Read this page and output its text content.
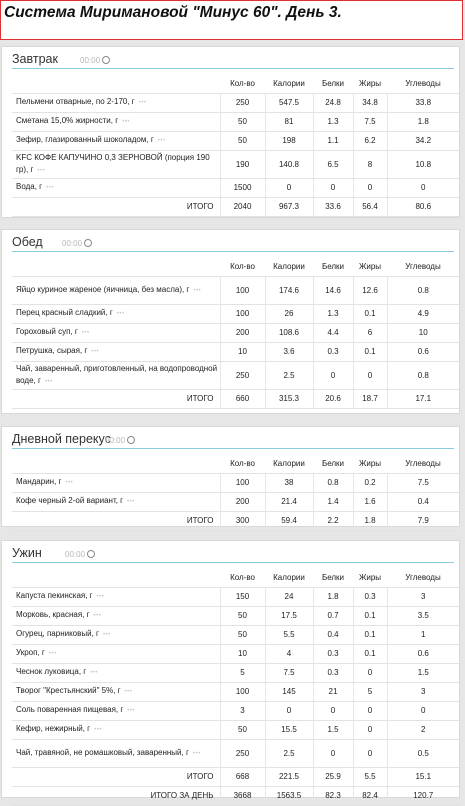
Система Миримановой "Минус 60". День 3.
Завтрак	00:00
	Кол-во	Калории	Белки	Жиры	Углеводы
Пельмени отварные, по 2-170, г •••	250	547.5	24.8	34.8	33.8
Сметана 15,0% жирности, г •••	50	81	1.3	7.5	1.8
Зефир, глазированный шоколадом, г •••	50	198	1.1	6.2	34.2
KFC КОФЕ КАПУЧИНО 0,3 ЗЕРНОВОЙ (порция 190 гр), г •••	190	140.8	6.5	8	10.8
Вода, г •••	1500	0	0	0	0
ИТОГО	2040	967.3	33.6	56.4	80.6
Обед 00:00
	Кол-во	Калории	Белки	Жиры	Углеводы
Яйцо куриное жареное (яичница, без масла), г •••	100	174.6	14.6	12.6	0.8
Перец красный сладкий, г •••	100	26	1.3	0.1	4.9
Гороховый суп, г •••	200	108.6	4.4	6	10
Петрушка, сырая, г •••	10	3.6	0.3	0.1	0.6
Чай, заваренный, приготовленный, на водопроводной воде, г •••	250	2.5	0	0	0.8
ИТОГО	660	315.3	20.6	18.7	17.1
Дневной перекус
00:00
	Кол-во	Калории	Белки	Жиры	Углеводы
Мандарин, г •••	100	38	0.8	0.2	7.5
Кофе черный 2-ой вариант, г •••	200	21.4	1.4	1.6	0.4
ИТОГО	300	59.4	2.2	1.8	7.9
Ужин	00:00
	Кол-во	Калории	Белки	Жиры	Углеводы
Капуста пекинская, г •••	150	24	1.8	0.3	3
Морковь, красная, г •••	50	17.5	0.7	0.1	3.5
Огурец, парниковый, г •••	50	5.5	0.4	0.1	1
Укроп, г •••	10	4	0.3	0.1	0.6
Чеснок луковица, г •••	5	7.5	0.3	0	1.5
Творог "Крестьянский" 5%, г •••	100	145	21	5	3
Соль поваренная пищевая, г •••	3	0	0	0	0
Кефир, нежирный, г •••	50	15.5	1.5	0	2
Чай, травяной, не ромашковый, заваренный, г •••	250	2.5	0	0	0.5
ИТОГО	668	221.5	25.9	5.5	15.1
ИТОГО ЗА ДЕНЬ	3668	1563.5	82.3	82.4	120.7
